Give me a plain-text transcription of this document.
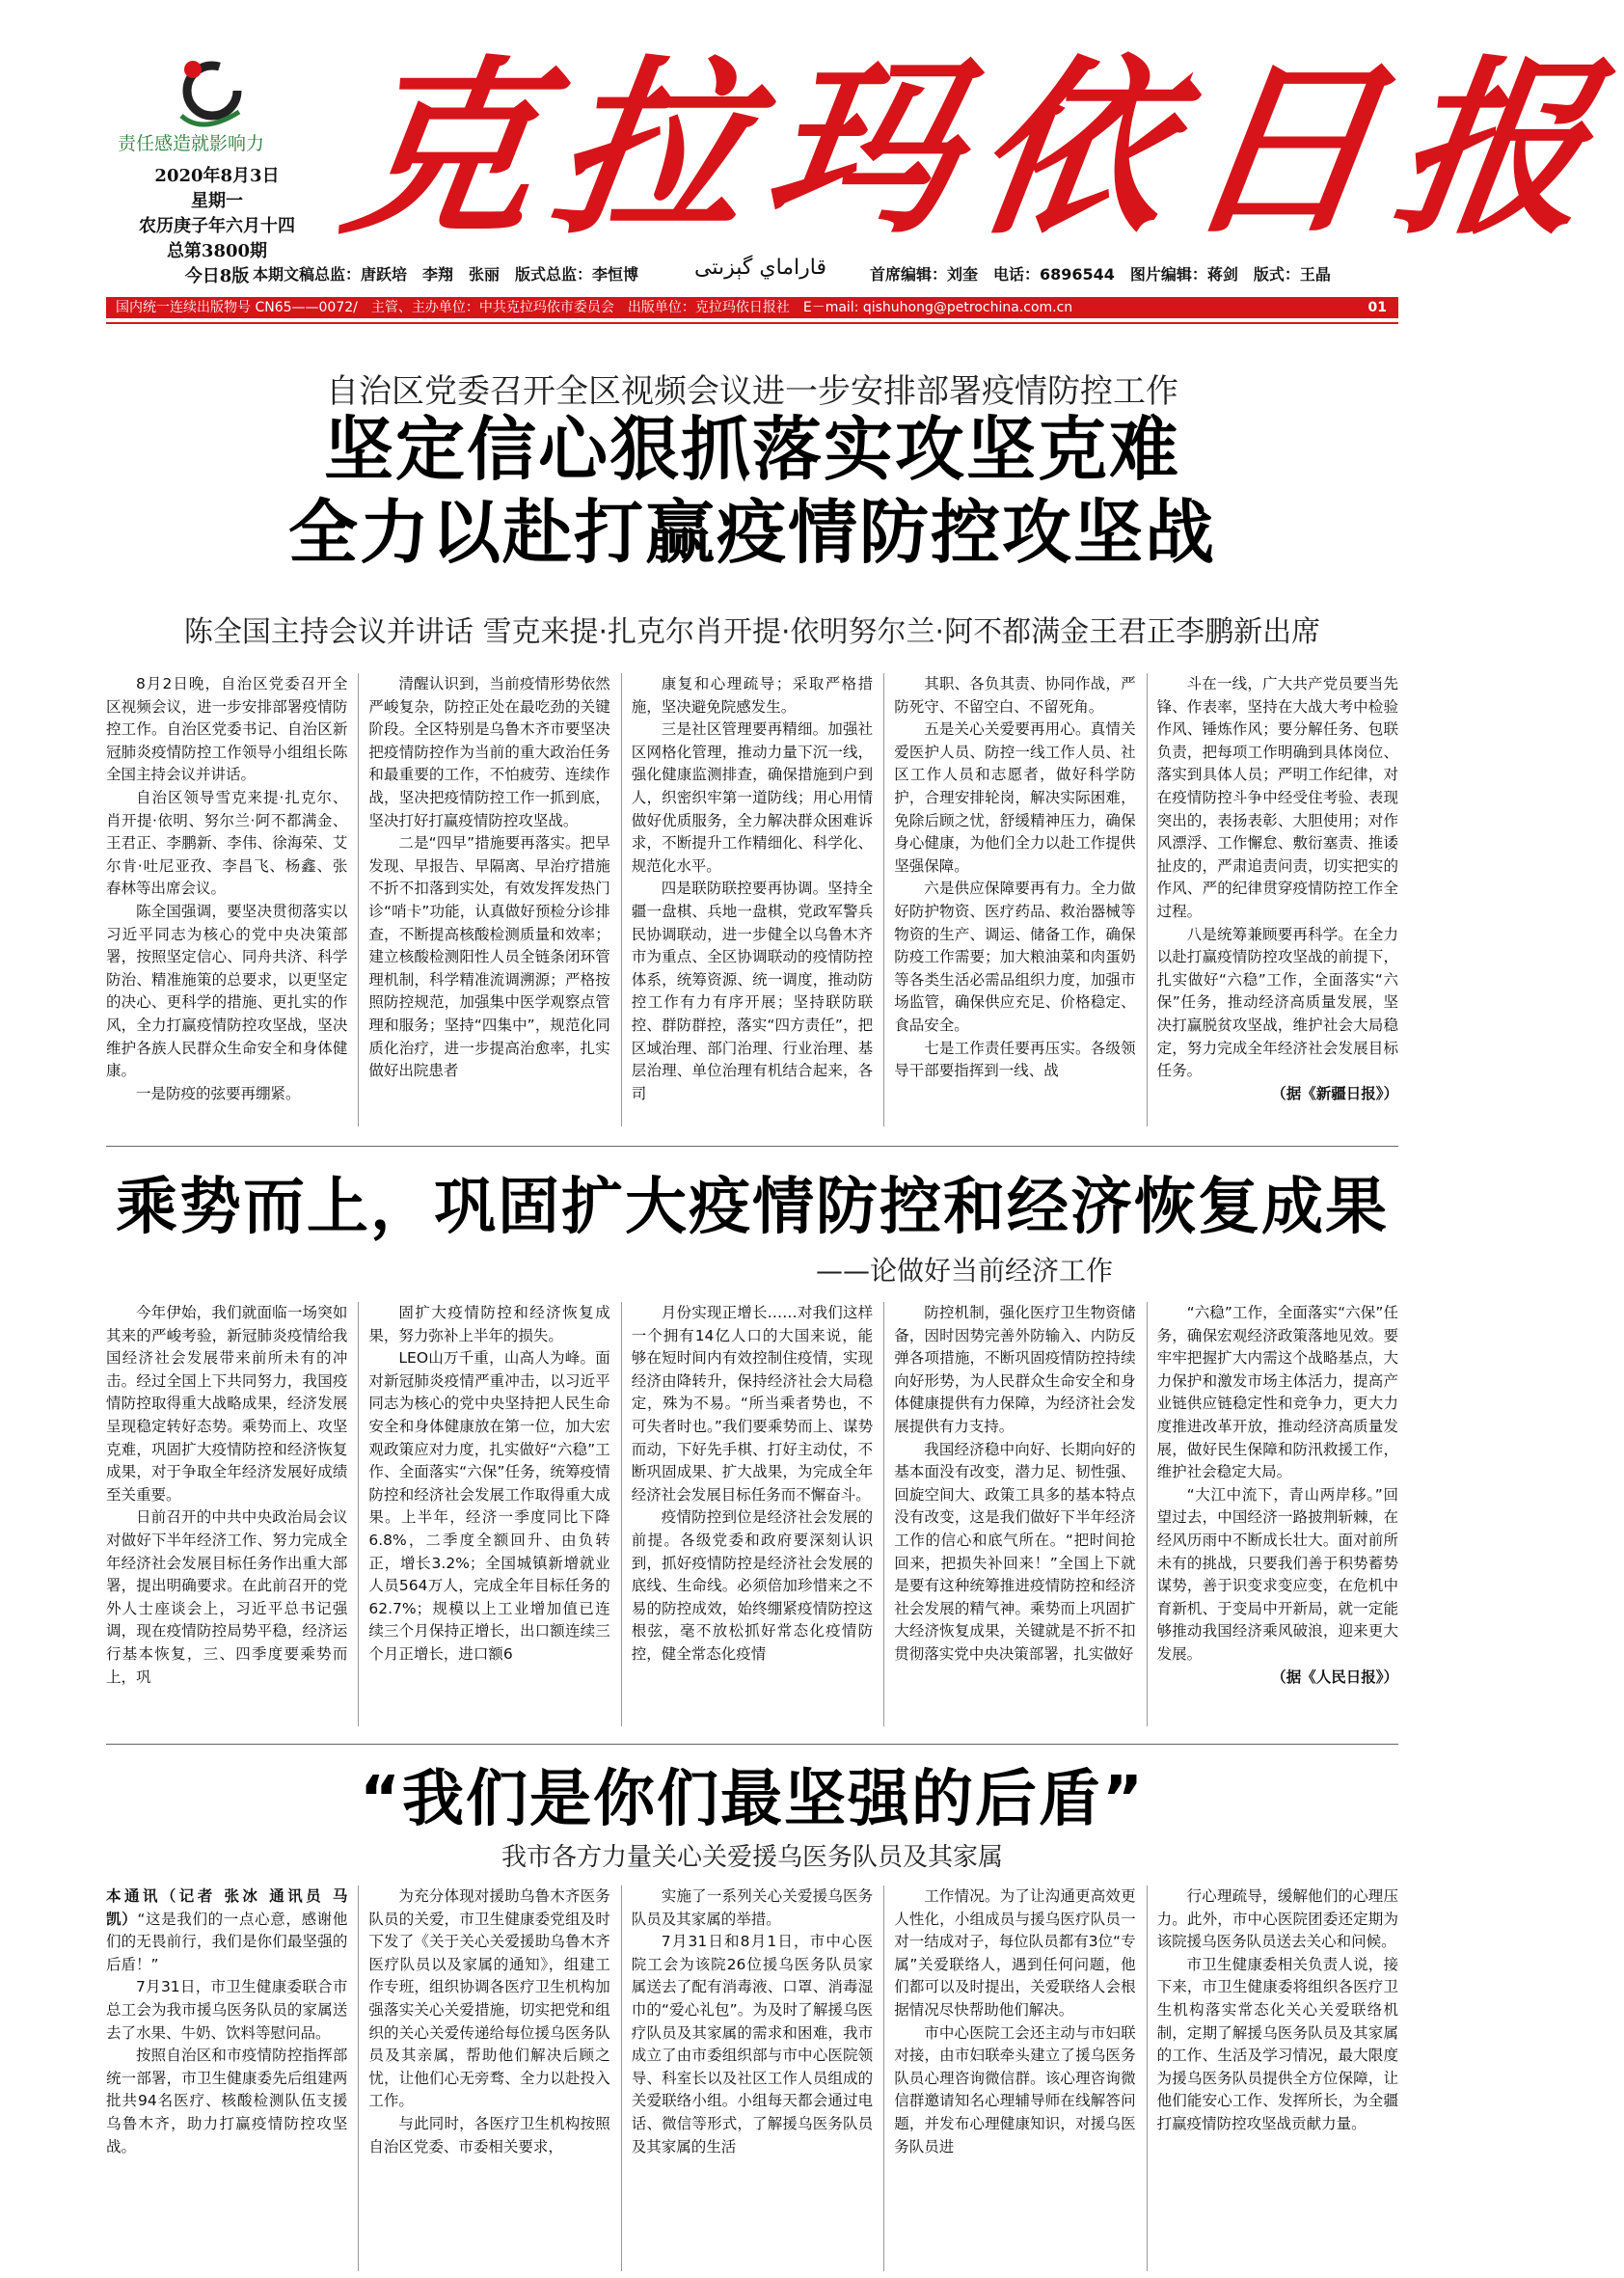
责任感造就影响力
2020年8月3日
星期一
农历庚子年六月十四
总第3800期
今日8版
克拉玛依日报
قاراماي گېزىتى
本期文稿总监：唐跃培　李翔　张丽　版式总监：李恒博	首席编辑：刘奎　电话：6896544　图片编辑：蒋剑　版式：王晶
国内统一连续出版物号 CN65——0072/　主管、主办单位：中共克拉玛依市委员会　出版单位：克拉玛依日报社　E－mail: qishuhong@petrochina.com.cn	01
自治区党委召开全区视频会议进一步安排部署疫情防控工作
坚定信心狠抓落实攻坚克难
全力以赴打赢疫情防控攻坚战
陈全国主持会议并讲话 雪克来提·扎克尔肖开提·依明努尔兰·阿不都满金王君正李鹏新出席

8月2日晚，自治区党委召开全区视频会议，进一步安排部署疫情防控工作。自治区党委书记、自治区新冠肺炎疫情防控工作领导小组组长陈全国主持会议并讲话。

自治区领导雪克来提·扎克尔、肖开提·依明、努尔兰·阿不都满金、王君正、李鹏新、李伟、徐海荣、艾尔肯·吐尼亚孜、李昌飞、杨鑫、张春林等出席会议。

陈全国强调，要坚决贯彻落实以习近平同志为核心的党中央决策部署，按照坚定信心、同舟共济、科学防治、精准施策的总要求，以更坚定的决心、更科学的措施、更扎实的作风，全力打赢疫情防控攻坚战，坚决维护各族人民群众生命安全和身体健康。

一是防疫的弦要再绷紧。

清醒认识到，当前疫情形势依然严峻复杂，防控正处在最吃劲的关键阶段。全区特别是乌鲁木齐市要坚决把疫情防控作为当前的重大政治任务和最重要的工作，不怕疲劳、连续作战，坚决把疫情防控工作一抓到底，坚决打好打赢疫情防控攻坚战。

二是“四早”措施要再落实。把早发现、早报告、早隔离、早治疗措施不折不扣落到实处，有效发挥发热门诊“哨卡”功能，认真做好预检分诊排查，不断提高核酸检测质量和效率；建立核酸检测阳性人员全链条闭环管理机制，科学精准流调溯源；严格按照防控规范，加强集中医学观察点管理和服务；坚持“四集中”，规范化同质化治疗，进一步提高治愈率，扎实做好出院患者

康复和心理疏导；采取严格措施，坚决避免院感发生。

三是社区管理要再精细。加强社区网格化管理，推动力量下沉一线，强化健康监测排查，确保措施到户到人，织密织牢第一道防线；用心用情做好优质服务，全力解决群众困难诉求，不断提升工作精细化、科学化、规范化水平。

四是联防联控要再协调。坚持全疆一盘棋、兵地一盘棋，党政军警兵民协调联动，进一步健全以乌鲁木齐市为重点、全区协调联动的疫情防控体系，统筹资源、统一调度，推动防控工作有力有序开展；坚持联防联控、群防群控，落实“四方责任”，把区域治理、部门治理、行业治理、基层治理、单位治理有机结合起来，各司

其职、各负其责、协同作战，严防死守、不留空白、不留死角。

五是关心关爱要再用心。真情关爱医护人员、防控一线工作人员、社区工作人员和志愿者，做好科学防护，合理安排轮岗，解决实际困难，免除后顾之忧，舒缓精神压力，确保身心健康，为他们全力以赴工作提供坚强保障。

六是供应保障要再有力。全力做好防护物资、医疗药品、救治器械等物资的生产、调运、储备工作，确保防疫工作需要；加大粮油菜和肉蛋奶等各类生活必需品组织力度，加强市场监管，确保供应充足、价格稳定、食品安全。

七是工作责任要再压实。各级领导干部要指挥到一线、战

斗在一线，广大共产党员要当先锋、作表率，坚持在大战大考中检验作风、锤炼作风；要分解任务、包联负责，把每项工作明确到具体岗位、落实到具体人员；严明工作纪律，对在疫情防控斗争中经受住考验、表现突出的，表扬表彰、大胆使用；对作风漂浮、工作懈怠、敷衍塞责、推诿扯皮的，严肃追责问责，切实把实的作风、严的纪律贯穿疫情防控工作全过程。

八是统筹兼顾要再科学。在全力以赴打赢疫情防控攻坚战的前提下，扎实做好“六稳”工作，全面落实“六保”任务，推动经济高质量发展，坚决打赢脱贫攻坚战，维护社会大局稳定，努力完成全年经济社会发展目标任务。

（据《新疆日报》）
乘势而上，巩固扩大疫情防控和经济恢复成果
——论做好当前经济工作

今年伊始，我们就面临一场突如其来的严峻考验，新冠肺炎疫情给我国经济社会发展带来前所未有的冲击。经过全国上下共同努力，我国疫情防控取得重大战略成果，经济发展呈现稳定转好态势。乘势而上、攻坚克难，巩固扩大疫情防控和经济恢复成果，对于争取全年经济发展好成绩至关重要。

日前召开的中共中央政治局会议对做好下半年经济工作、努力完成全年经济社会发展目标任务作出重大部署，提出明确要求。在此前召开的党外人士座谈会上，习近平总书记强调，现在疫情防控局势平稳，经济运行基本恢复，三、四季度要乘势而上，巩

固扩大疫情防控和经济恢复成果，努力弥补上半年的损失。

LEO山万千重，山高人为峰。面对新冠肺炎疫情严重冲击，以习近平同志为核心的党中央坚持把人民生命安全和身体健康放在第一位，加大宏观政策应对力度，扎实做好“六稳”工作、全面落实“六保”任务，统筹疫情防控和经济社会发展工作取得重大成果。上半年，经济一季度同比下降6.8%，二季度全额回升、由负转正，增长3.2%；全国城镇新增就业人员564万人，完成全年目标任务的62.7%；规模以上工业增加值已连续三个月保持正增长，出口额连续三个月正增长，进口额6

月份实现正增长……对我们这样一个拥有14亿人口的大国来说，能够在短时间内有效控制住疫情，实现经济由降转升，保持经济社会大局稳定，殊为不易。“所当乘者势也，不可失者时也。”我们要乘势而上、谋势而动，下好先手棋、打好主动仗，不断巩固成果、扩大战果，为完成全年经济社会发展目标任务而不懈奋斗。

疫情防控到位是经济社会发展的前提。各级党委和政府要深刻认识到，抓好疫情防控是经济社会发展的底线、生命线。必须倍加珍惜来之不易的防控成效，始终绷紧疫情防控这根弦，毫不放松抓好常态化疫情防控，健全常态化疫情

防控机制，强化医疗卫生物资储备，因时因势完善外防输入、内防反弹各项措施，不断巩固疫情防控持续向好形势，为人民群众生命安全和身体健康提供有力保障，为经济社会发展提供有力支持。

我国经济稳中向好、长期向好的基本面没有改变，潜力足、韧性强、回旋空间大、政策工具多的基本特点没有改变，这是我们做好下半年经济工作的信心和底气所在。“把时间抢回来，把损失补回来！”全国上下就是要有这种统筹推进疫情防控和经济社会发展的精气神。乘势而上巩固扩大经济恢复成果，关键就是不折不扣贯彻落实党中央决策部署，扎实做好

“六稳”工作，全面落实“六保”任务，确保宏观经济政策落地见效。要牢牢把握扩大内需这个战略基点，大力保护和激发市场主体活力，提高产业链供应链稳定性和竞争力，更大力度推进改革开放，推动经济高质量发展，做好民生保障和防汛救援工作，维护社会稳定大局。

“大江中流下，青山两岸移。”回望过去，中国经济一路披荆斩棘，在经风历雨中不断成长壮大。面对前所未有的挑战，只要我们善于积势蓄势谋势，善于识变求变应变，在危机中育新机、于变局中开新局，就一定能够推动我国经济乘风破浪，迎来更大发展。

（据《人民日报》）
“我们是你们最坚强的后盾”
我市各方力量关心关爱援乌医务队员及其家属

本通讯（记者 张冰 通讯员 马凯）“这是我们的一点心意，感谢他们的无畏前行，我们是你们最坚强的后盾！”

7月31日，市卫生健康委联合市总工会为我市援乌医务队员的家属送去了水果、牛奶、饮料等慰问品。

按照自治区和市疫情防控指挥部统一部署，市卫生健康委先后组建两批共94名医疗、核酸检测队伍支援乌鲁木齐，助力打赢疫情防控攻坚战。

为充分体现对援助乌鲁木齐医务队员的关爱，市卫生健康委党组及时下发了《关于关心关爱援助乌鲁木齐医疗队员以及家属的通知》，组建工作专班，组织协调各医疗卫生机构加强落实关心关爱措施，切实把党和组织的关心关爱传递给每位援乌医务队员及其亲属，帮助他们解决后顾之忧，让他们心无旁骛、全力以赴投入工作。

与此同时，各医疗卫生机构按照自治区党委、市委相关要求，

实施了一系列关心关爱援乌医务队员及其家属的举措。

7月31日和8月1日，市中心医院工会为该院26位援乌医务队员家属送去了配有消毒液、口罩、消毒湿巾的“爱心礼包”。为及时了解援乌医疗队员及其家属的需求和困难，我市成立了由市委组织部与市中心医院领导、科室长以及社区工作人员组成的关爱联络小组。小组每天都会通过电话、微信等形式，了解援乌医务队员及其家属的生活

工作情况。为了让沟通更高效更人性化，小组成员与援乌医疗队员一对一结成对子，每位队员都有3位“专属”关爱联络人，遇到任何问题，他们都可以及时提出，关爱联络人会根据情况尽快帮助他们解决。

市中心医院工会还主动与市妇联对接，由市妇联牵头建立了援乌医务队员心理咨询微信群。该心理咨询微信群邀请知名心理辅导师在线解答问题，并发布心理健康知识，对援乌医务队员进

行心理疏导，缓解他们的心理压力。此外，市中心医院团委还定期为该院援乌医务队员送去关心和问候。

市卫生健康委相关负责人说，接下来，市卫生健康委将组织各医疗卫生机构落实常态化关心关爱联络机制，定期了解援乌医务队员及其家属的工作、生活及学习情况，最大限度为援乌医务队员提供全方位保障，让他们能安心工作、发挥所长，为全疆打赢疫情防控攻坚战贡献力量。
